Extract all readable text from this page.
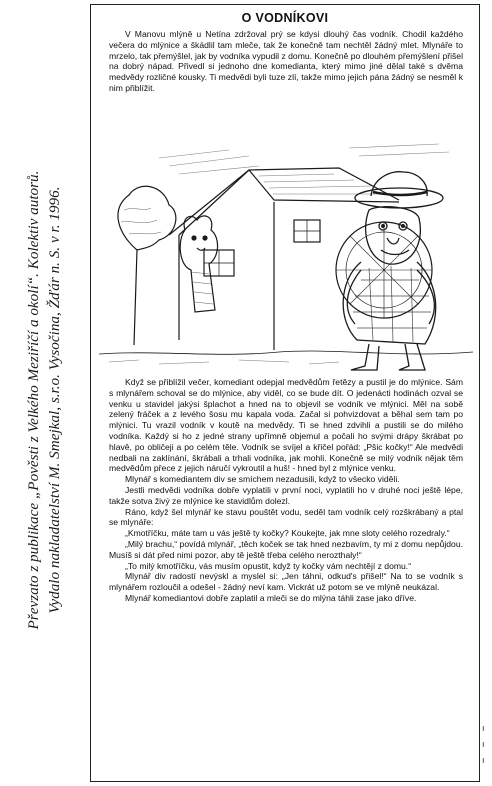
Převzato z publikace „Pověsti z Velkého Meziříčí a okolí“. Kolektiv autorů. Vydalo nakladatelství M. Smejkal, s.r.o. Vysočina, Žďár n. S. v r. 1996.
O VODNÍKOVI

V Manovu mlýně u Netína zdržoval prý se kdysi dlouhý čas vodník. Chodil každého večera do mlýnice a škádlil tam mleče, tak že konečně tam nechtěl žádný mlet. Mlynáře to mrzelo, tak přemýšlel, jak by vodníka vypudil z domu. Konečně po dlouhém přemýšlení přišel na dobrý nápad. Přivedl si jednoho dne komedianta, který mimo jiné dělal také s dvěma medvědy rozličné kousky. Ti medvědi byli tuze zlí, takže mimo jejich pána žádný se nesměl k nim přiblížit.

Když se přiblížil večer, komediant odepjal medvědům řetězy a pustil je do mlýnice. Sám s mlynářem schoval se do mlýnice, aby viděl, co se bude dít. O jedenácti hodinách ozval se venku u stavidel jakýsi šplachot a hned na to objevil se vodník ve mlýnici. Měl na sobě zelený fráček a z levého šosu mu kapala voda. Začal si pohvizdovat a běhal sem tam po mlýnici. Tu vrazil vodník v koutě na medvědy. Ti se hned zdvihli a pustili se do milého vodníka. Každý si ho z jedné strany upřímně objemul a počali ho svými drápy škrábat po hlavě, po obličeji a po celém těle. Vodník se svíjel a křičel pořád: „Pšic kočky!“ Ale medvědi nedbali na zaklínání, škrábali a trhali vodníka, jak mohli. Konečně se milý vodník nějak těm medvědům přece z jejich náručí vykroutil a huš! - hned byl z mlýnice venku.

Mlynář s komediantem div se smíchem nezadusili, když to všecko viděli.

Jestli medvědi vodníka dobře vyplatili v první noci, vyplatili ho v druhé noci ještě lépe, takže sotva živý ze mlýnice ke stavidlům dolezl.

Ráno, když šel mlynář ke stavu pouštět vodu, seděl tam vodník celý rozškrábaný a ptal se mlynáře:

„Kmotříčku, máte tam u vás ještě ty kočky? Koukejte, jak mne sloty celého rozedraly.“

„Milý brachu,“ povídá mlynář, „těch koček se tak hned nezbavím, ty mi z domu nepůjdou. Musíš si dát před nimi pozor, aby tě ještě třeba celého nerozthaly!“

„To milý kmotříčku, vás musím opustit, když ty kočky vám nechtějí z domu.“

Mlynář div radostí nevýskl a myslel si: „Jen táhni, odkud's přišel!“ Na to se vodník s mlynářem rozloučil a odešel - žádný neví kam. Vickrát už potom se ve mlýně neukázal.

Mlynář komediantovi dobře zaplatil a mleči se do mlýna táhli zase jako dříve.

ı
ı
ı
